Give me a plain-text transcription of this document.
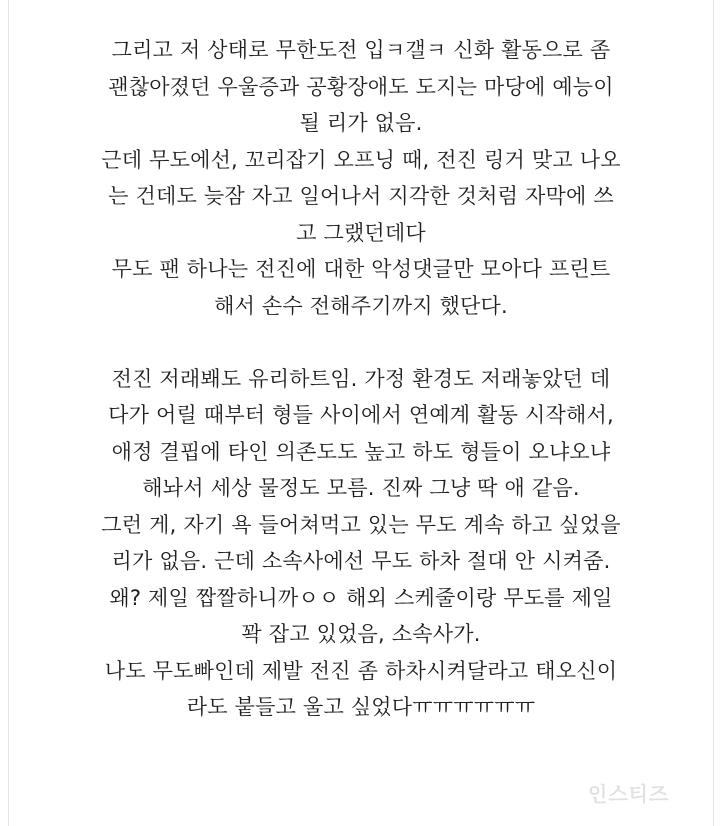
그리고 저 상태로 무한도전 입ㅋ갤ㅋ 신화 활동으로 좀
괜찮아졌던 우울증과 공황장애도 도지는 마당에 예능이
될 리가 없음.
근데 무도에선, 꼬리잡기 오프닝 때, 전진 링거 맞고 나오
는 건데도 늦잠 자고 일어나서 지각한 것처럼 자막에 쓰
고 그랬던데다
무도 팬 하나는 전진에 대한 악성댓글만 모아다 프린트
해서 손수 전해주기까지 했단다.
전진 저래봬도 유리하트임. 가정 환경도 저래놓았던 데
다가 어릴 때부터 형들 사이에서 연예계 활동 시작해서,
애정 결핍에 타인 의존도도 높고 하도 형들이 오냐오냐
해놔서 세상 물정도 모름. 진짜 그냥 딱 애 같음.
그런 게, 자기 욕 들어쳐먹고 있는 무도 계속 하고 싶었을
리가 없음. 근데 소속사에선 무도 하차 절대 안 시켜줌.
왜? 제일 짭짤하니까ㅇㅇ 해외 스케줄이랑 무도를 제일
꽉 잡고 있었음, 소속사가.
나도 무도빠인데 제발 전진 좀 하차시켜달라고 태오신이
라도 붙들고 울고 싶었다ㅠㅠㅠㅠㅠㅠ
인스티즈
